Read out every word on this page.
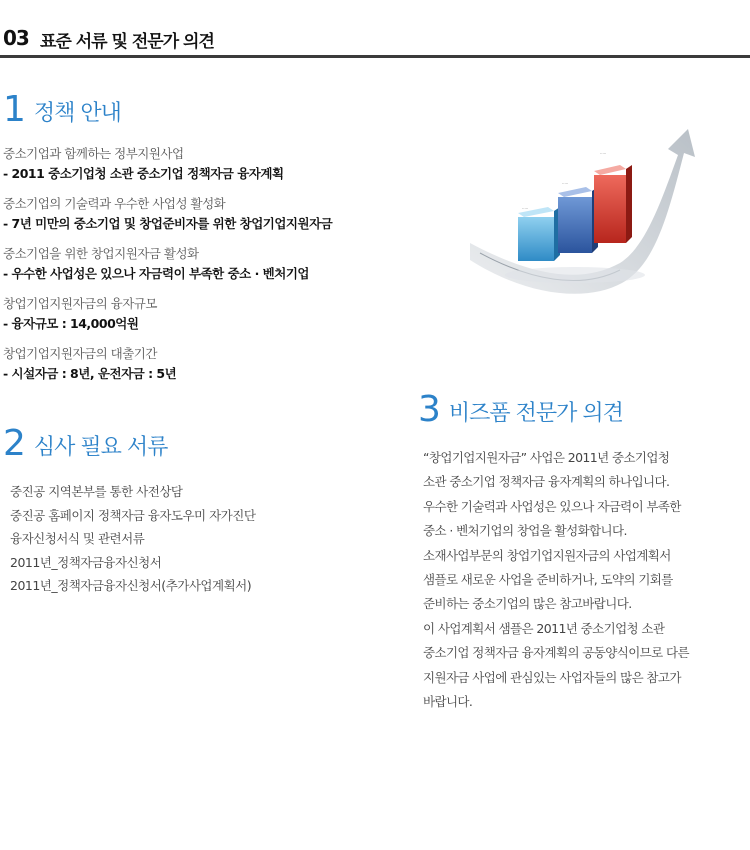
03 표준 서류 및 전문가 의견
1 정책 안내
중소기업과 함께하는 정부지원사업
- 2011 중소기업청 소관 중소기업 정책자금 융자계획
중소기업의 기술력과 우수한 사업성 활성화
- 7년 미만의 중소기업 및 창업준비자를 위한 창업기업지원자금
중소기업을 위한 창업지원자금 활성화
- 우수한 사업성은 있으나 자금력이 부족한 중소 · 벤처기업
창업기업지원자금의 융자규모
- 융자규모 : 14,000억원
창업기업지원자금의 대출기간
- 시설자금 : 8년, 운전자금 : 5년
·····
·····
·····
2 심사 필요 서류
중진공 지역본부를 통한 사전상담
중진공 홈페이지 정책자금 융자도우미 자가진단
융자신청서식 및 관련서류
2011년_정책자금융자신청서
2011년_정책자금융자신청서(추가사업계획서)
3 비즈폼 전문가 의견
“창업기업지원자금” 사업은 2011년 중소기업청
소관 중소기업 정책자금 융자계획의 하나입니다.
우수한 기술력과 사업성은 있으나 자금력이 부족한
중소 · 벤처기업의 창업을 활성화합니다.
소재사업부문의 창업기업지원자금의 사업계획서
샘플로 새로운 사업을 준비하거나, 도약의 기회를
준비하는 중소기업의 많은 참고바랍니다.
이 사업계획서 샘플은 2011년 중소기업청 소관
중소기업 정책자금 융자계획의 공동양식이므로 다른
지원자금 사업에 관심있는 사업자들의 많은 참고가
바랍니다.
